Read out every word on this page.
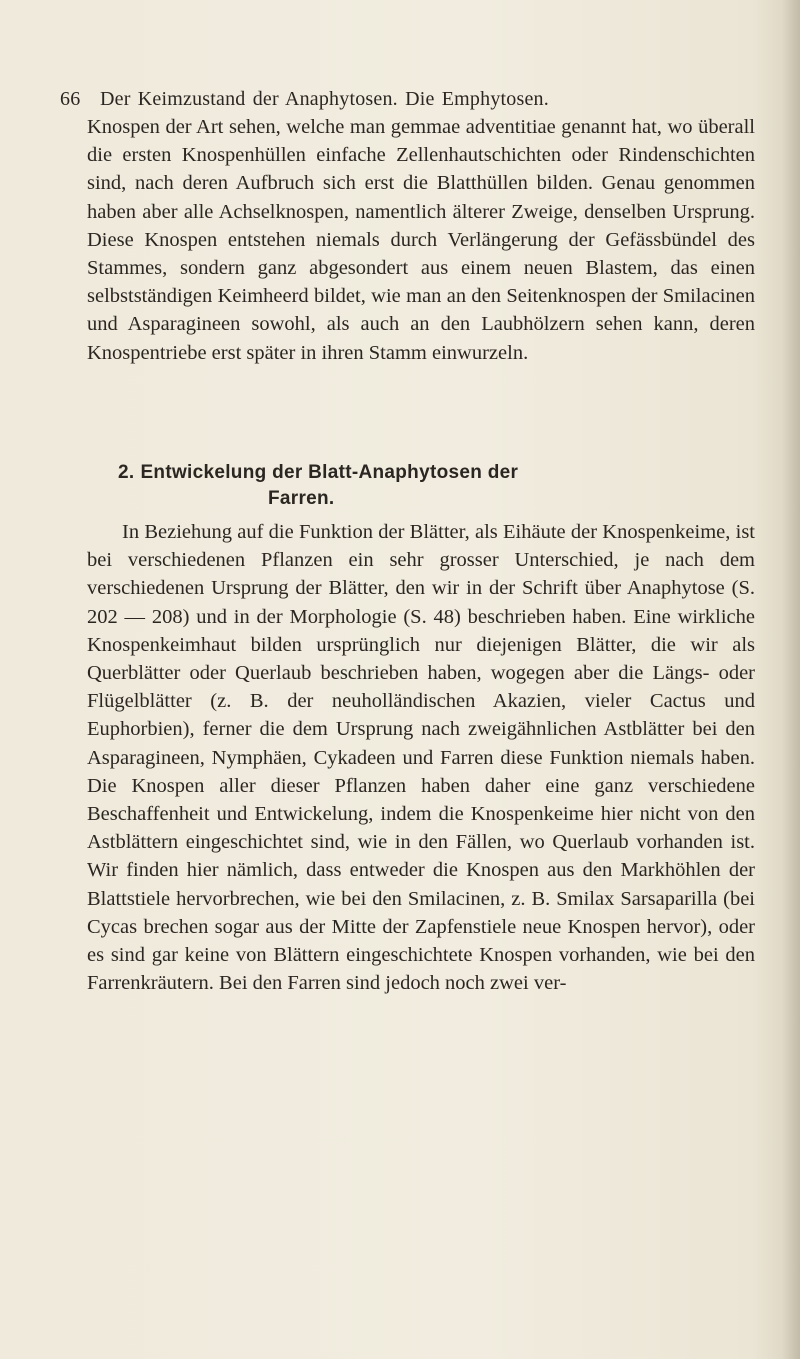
66 Der Keimzustand der Anaphytosen. Die Emphytosen.

Knospen der Art sehen, welche man gemmae adventitiae genannt hat, wo überall die ersten Knospenhüllen einfache Zellenhautschichten oder Rindenschichten sind, nach deren Aufbruch sich erst die Blatthüllen bilden. Genau genommen haben aber alle Achselknospen, namentlich älterer Zweige, denselben Ursprung. Diese Knospen entstehen niemals durch Verlängerung der Gefässbündel des Stammes, sondern ganz abgesondert aus einem neuen Blastem, das einen selbstständigen Keimheerd bildet, wie man an den Seitenknospen der Smilacinen und Asparagineen sowohl, als auch an den Laubhölzern sehen kann, deren Knospentriebe erst später in ihren Stamm einwurzeln.

2. Entwickelung der Blatt-Anaphytosen der
Farren.

In Beziehung auf die Funktion der Blätter, als Eihäute der Knospenkeime, ist bei verschiedenen Pflanzen ein sehr grosser Unterschied, je nach dem verschiedenen Ursprung der Blätter, den wir in der Schrift über Anaphytose (S. 202 — 208) und in der Morphologie (S. 48) beschrieben haben. Eine wirkliche Knospenkeimhaut bilden ursprünglich nur diejenigen Blätter, die wir als Querblätter oder Querlaub beschrieben haben, wogegen aber die Längs- oder Flügelblätter (z. B. der neuholländischen Akazien, vieler Cactus und Euphorbien), ferner die dem Ursprung nach zweigähnlichen Astblätter bei den Asparagineen, Nymphäen, Cykadeen und Farren diese Funktion niemals haben. Die Knospen aller dieser Pflanzen haben daher eine ganz verschiedene Beschaffenheit und Entwickelung, indem die Knospenkeime hier nicht von den Astblättern eingeschichtet sind, wie in den Fällen, wo Querlaub vorhanden ist. Wir finden hier nämlich, dass entweder die Knospen aus den Markhöhlen der Blattstiele hervorbrechen, wie bei den Smilacinen, z. B. Smilax Sarsaparilla (bei Cycas brechen sogar aus der Mitte der Zapfenstiele neue Knospen hervor), oder es sind gar keine von Blättern eingeschichtete Knospen vorhanden, wie bei den Farrenkräutern. Bei den Farren sind jedoch noch zwei ver-
